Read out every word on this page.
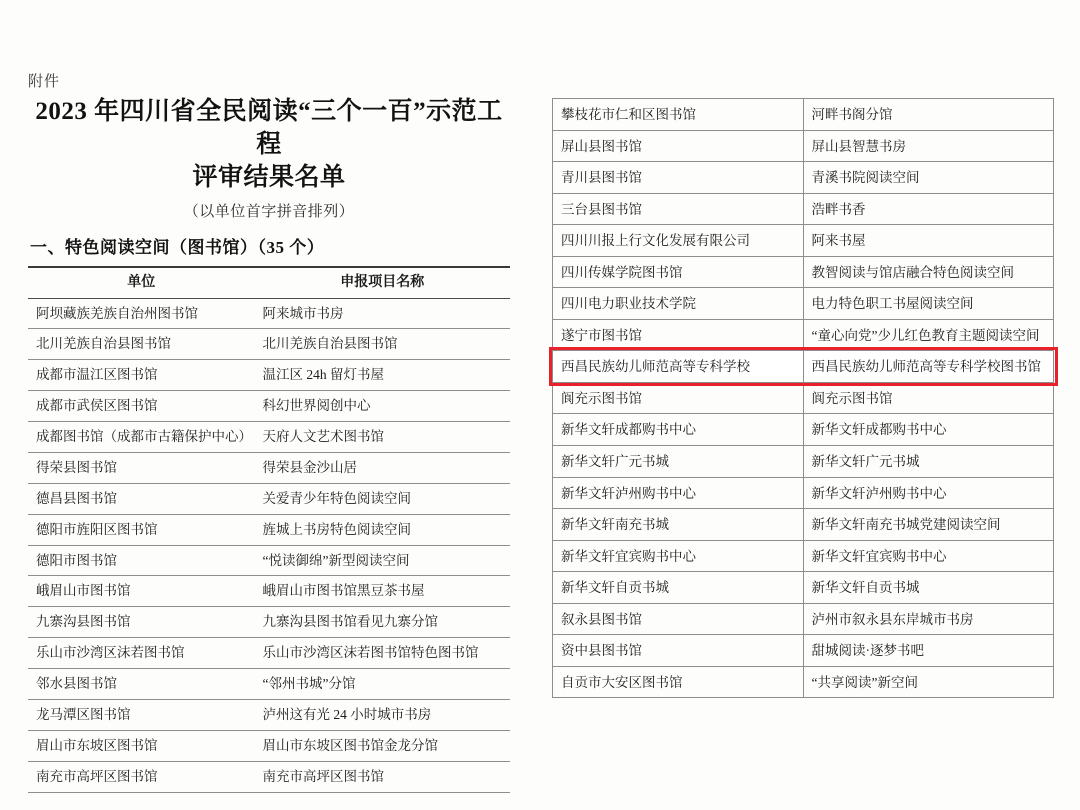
附件
2023 年四川省全民阅读“三个一百”示范工程
评审结果名单
（以单位首字拼音排列）
一、特色阅读空间（图书馆）（35 个）
单位	申报项目名称
阿坝藏族羌族自治州图书馆	阿来城市书房
北川羌族自治县图书馆	北川羌族自治县图书馆
成都市温江区图书馆	温江区 24h 留灯书屋
成都市武侯区图书馆	科幻世界阅创中心
成都图书馆（成都市古籍保护中心）	天府人文艺术图书馆
得荣县图书馆	得荣县金沙山居
德昌县图书馆	关爱青少年特色阅读空间
德阳市旌阳区图书馆	旌城上书房特色阅读空间
德阳市图书馆	“悦读御绵”新型阅读空间
峨眉山市图书馆	峨眉山市图书馆黑豆茶书屋
九寨沟县图书馆	九寨沟县图书馆看见九寨分馆
乐山市沙湾区沫若图书馆	乐山市沙湾区沫若图书馆特色图书馆
邻水县图书馆	“邻州书城”分馆
龙马潭区图书馆	泸州这有光 24 小时城市书房
眉山市东坡区图书馆	眉山市东坡区图书馆金龙分馆
南充市高坪区图书馆	南充市高坪区图书馆
攀枝花市仁和区图书馆	河畔书阁分馆
屏山县图书馆	屏山县智慧书房
青川县图书馆	青溪书院阅读空间
三台县图书馆	浩畔书香
四川川报上行文化发展有限公司	阿来书屋
四川传媒学院图书馆	教智阅读与馆店融合特色阅读空间
四川电力职业技术学院	电力特色职工书屋阅读空间
遂宁市图书馆	“童心向党”少儿红色教育主题阅读空间
西昌民族幼儿师范高等专科学校	西昌民族幼儿师范高等专科学校图书馆
阆充示图书馆	阆充示图书馆
新华文轩成都购书中心	新华文轩成都购书中心
新华文轩广元书城	新华文轩广元书城
新华文轩泸州购书中心	新华文轩泸州购书中心
新华文轩南充书城	新华文轩南充书城党建阅读空间
新华文轩宜宾购书中心	新华文轩宜宾购书中心
新华文轩自贡书城	新华文轩自贡书城
叙永县图书馆	泸州市叙永县东岸城市书房
资中县图书馆	甜城阅读·逐梦书吧
自贡市大安区图书馆	“共享阅读”新空间
